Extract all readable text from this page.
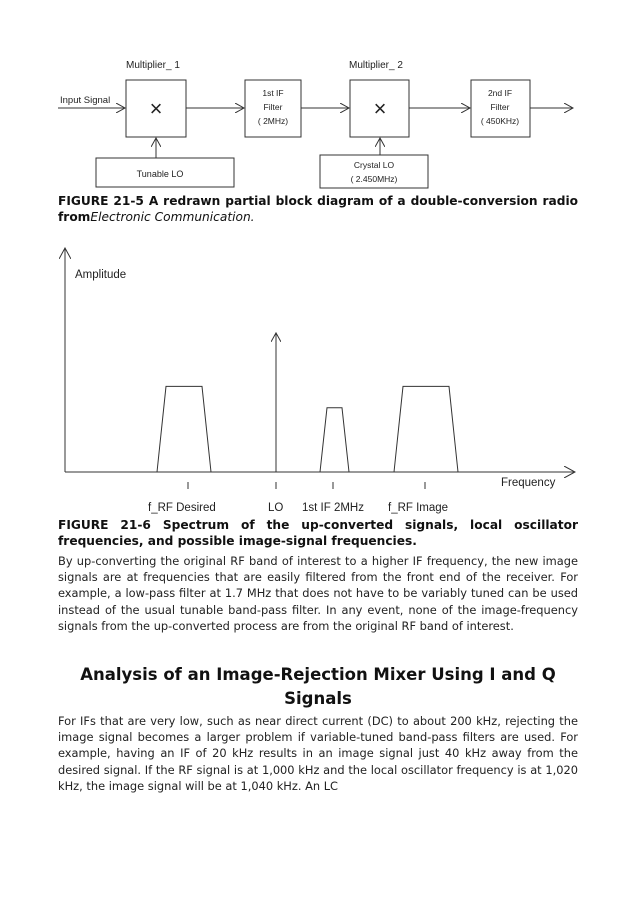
Input Signal
Multiplier_ 1	Multiplier_ 2
×	×
1st IF
Filter
( 2MHz)
2nd IF
Filter
( 450KHz)
Tunable LO
Crystal LO
( 2.450MHz)
FIGURE 21-5 A redrawn partial block diagram of a double-conversion radio fromElectronic Communication.
Amplitude
Frequency
f_RF Desired	LO 1st IF 2MHz f_RF Image
FIGURE 21-6 Spectrum of the up-converted signals, local oscillator frequencies, and possible image-signal frequencies.

By up-converting the original RF band of interest to a higher IF frequency, the new image signals are at frequencies that are easily filtered from the front end of the receiver. For example, a low-pass filter at 1.7 MHz that does not have to be variably tuned can be used instead of the usual tunable band-pass filter. In any event, none of the image-frequency signals from the up-converted process are from the original RF band of interest.

Analysis of an Image-Rejection Mixer Using I and Q Signals

For IFs that are very low, such as near direct current (DC) to about 200 kHz, rejecting the image signal becomes a larger problem if variable-tuned band-pass filters are used. For example, having an IF of 20 kHz results in an image signal just 40 kHz away from the desired signal. If the RF signal is at 1,000 kHz and the local oscillator frequency is at 1,020 kHz, the image signal will be at 1,040 kHz. An LC
